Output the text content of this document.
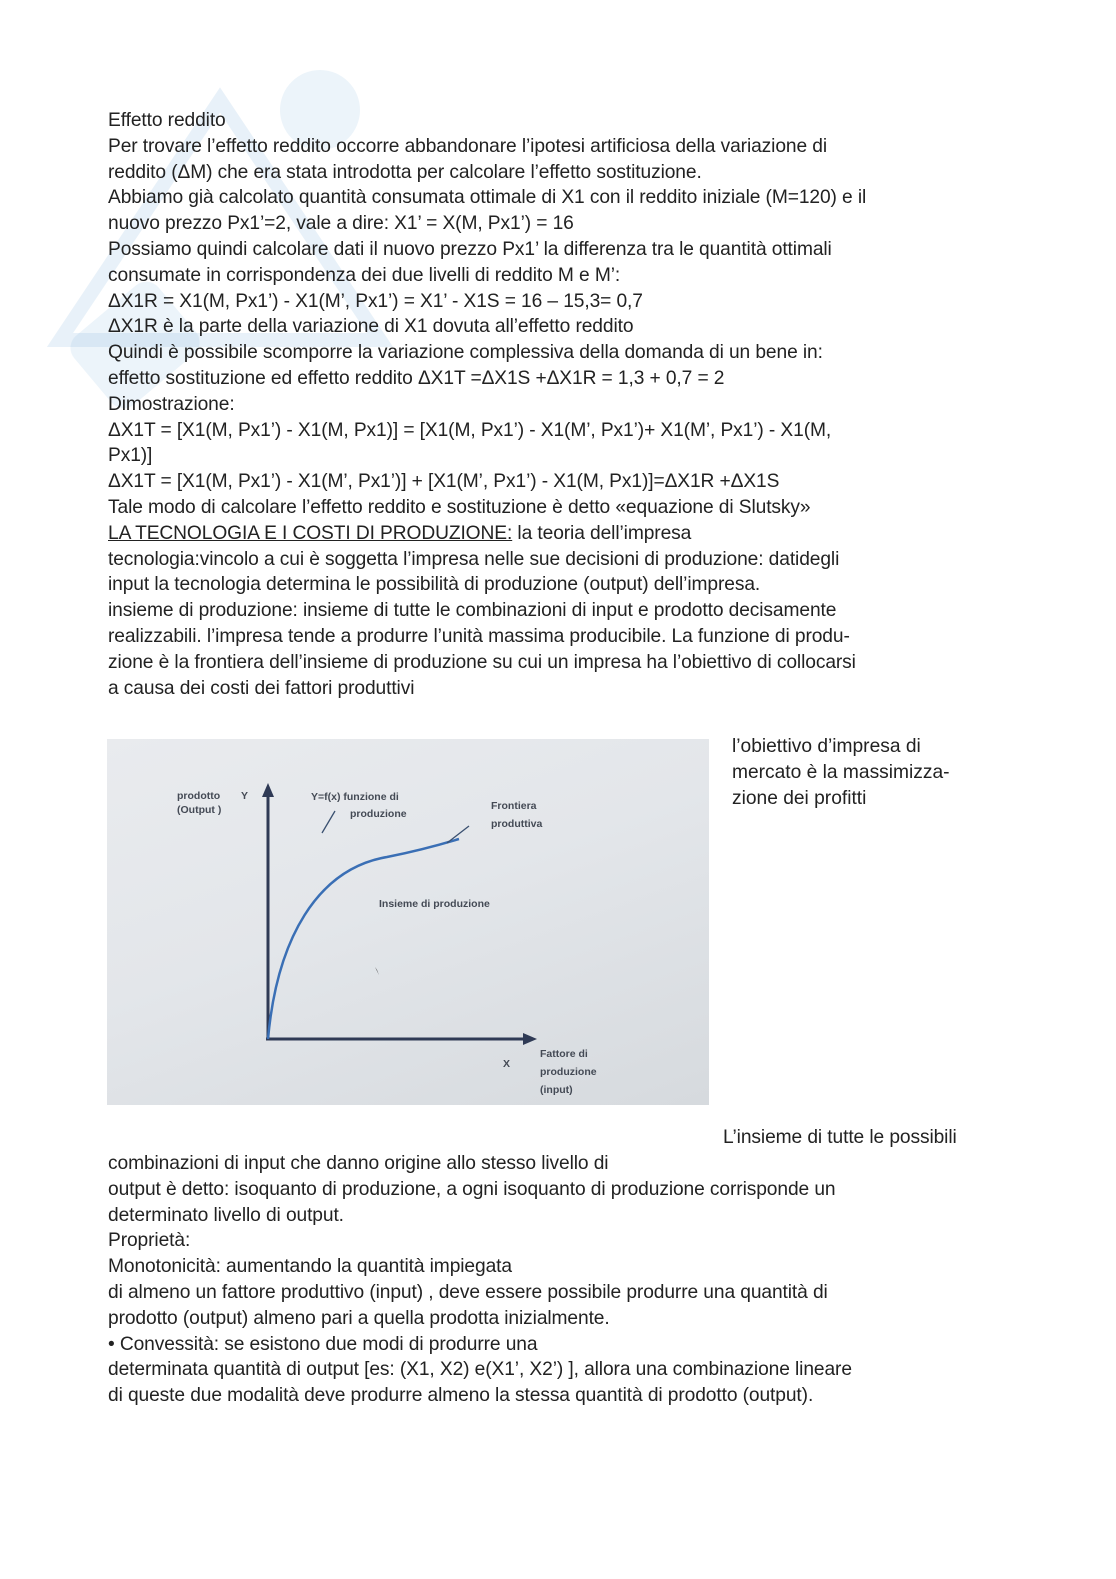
Effetto reddito
Per trovare l’effetto reddito occorre abbandonare l’ipotesi artificiosa della variazione di
reddito (ΔM) che era stata introdotta per calcolare l’effetto sostituzione.
Abbiamo già calcolato quantità consumata ottimale di X1 con il reddito iniziale (M=120) e il
nuovo prezzo Px1’=2, vale a dire: X1’ = X(M, Px1’) = 16
Possiamo quindi calcolare dati il nuovo prezzo Px1’ la differenza tra le quantità ottimali
consumate in corrispondenza dei due livelli di reddito M e M’:
ΔX1R = X1(M, Px1’) - X1(M’, Px1’) = X1’ - X1S = 16 – 15,3= 0,7
ΔX1R è la parte della variazione di X1 dovuta all’effetto reddito
Quindi è possibile scomporre la variazione complessiva della domanda di un bene in:
effetto sostituzione ed effetto reddito ΔX1T =ΔX1S +ΔX1R = 1,3 + 0,7 = 2
Dimostrazione:
ΔX1T = [X1(M, Px1’) - X1(M, Px1)] = [X1(M, Px1’) - X1(M’, Px1’)+ X1(M’, Px1’) - X1(M,
Px1)]
ΔX1T = [X1(M, Px1’) - X1(M’, Px1’)] + [X1(M’, Px1’) - X1(M, Px1)]=ΔX1R +ΔX1S
Tale modo di calcolare l’effetto reddito e sostituzione è detto «equazione di Slutsky»
LA TECNOLOGIA E I COSTI DI PRODUZIONE: la teoria dell’impresa
tecnologia:vincolo a cui è soggetta l’impresa nelle sue decisioni di produzione: datidegli
input la tecnologia determina le possibilità di produzione (output) dell’impresa.
insieme di produzione: insieme di tutte le combinazioni di input e prodotto decisamente
realizzabili. l’impresa tende a produrre l’unità massima producibile. La funzione di produ-
zione è la frontiera dell’insieme di produzione su cui un impresa ha l’obiettivo di collocarsi
a causa dei costi dei fattori produttivi
prodotto
(Output )
Y	Y=f(x) funzione di
produzione
Frontiera
produttiva
Insieme di produzione
X
Fattore di
produzione
(input)
l’obiettivo d’impresa di
mercato è la massimizza-
zione dei profitti
L’insieme di tutte le possibili
combinazioni di input che danno origine allo stesso livello di
output è detto: isoquanto di produzione, a ogni isoquanto di produzione corrisponde un
determinato livello di output.
Proprietà:
Monotonicità: aumentando la quantità impiegata
di almeno un fattore produttivo (input) , deve essere possibile produrre una quantità di
prodotto (output) almeno pari a quella prodotta inizialmente.
• Convessità: se esistono due modi di produrre una
determinata quantità di output [es: (X1, X2) e(X1’, X2’) ], allora una combinazione lineare
di queste due modalità deve produrre almeno la stessa quantità di prodotto (output).
